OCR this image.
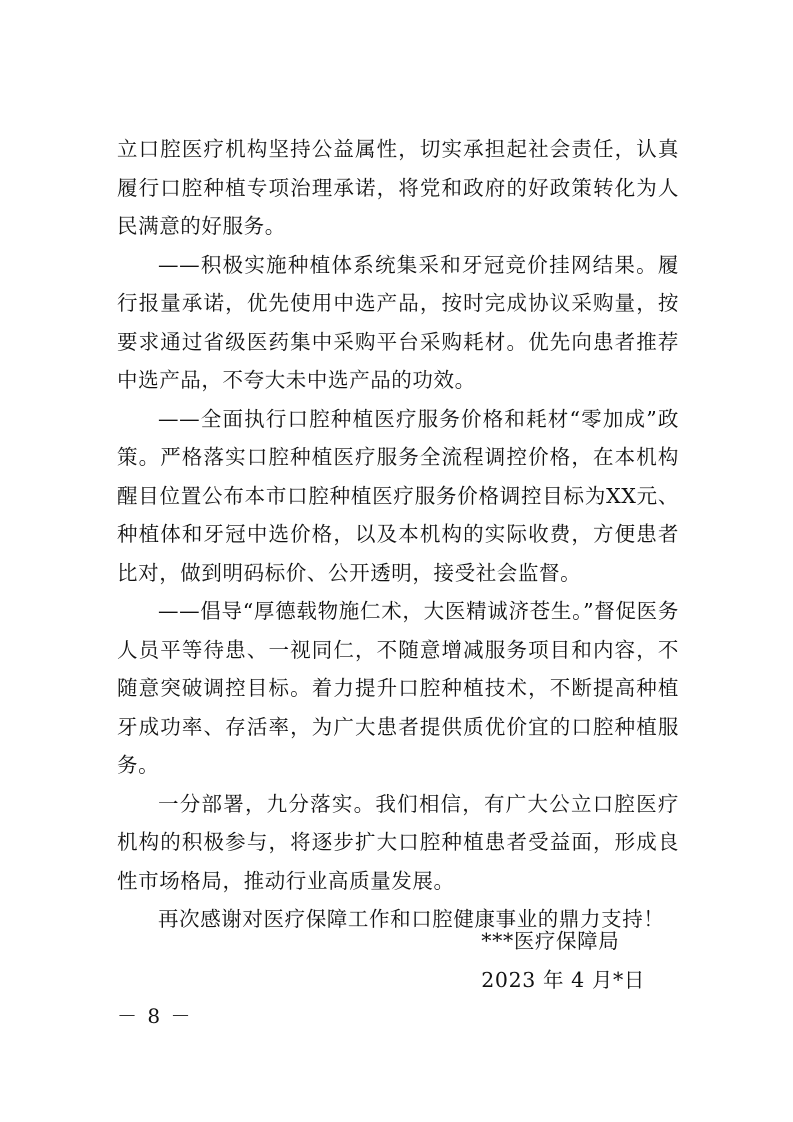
立口腔医疗机构坚持公益属性，切实承担起社会责任，认真履行口腔种植专项治理承诺，将党和政府的好政策转化为人民满意的好服务。

——积极实施种植体系统集采和牙冠竞价挂网结果。履行报量承诺，优先使用中选产品，按时完成协议采购量，按要求通过省级医药集中采购平台采购耗材。优先向患者推荐中选产品，不夸大未中选产品的功效。

——全面执行口腔种植医疗服务价格和耗材“零加成”政策。严格落实口腔种植医疗服务全流程调控价格，在本机构醒目位置公布本市口腔种植医疗服务价格调控目标为XX元、种植体和牙冠中选价格，以及本机构的实际收费，方便患者比对，做到明码标价、公开透明，接受社会监督。

——倡导“厚德载物施仁术，大医精诚济苍生。”督促医务人员平等待患、一视同仁，不随意增减服务项目和内容，不随意突破调控目标。着力提升口腔种植技术，不断提高种植牙成功率、存活率，为广大患者提供质优价宜的口腔种植服务。

一分部署，九分落实。我们相信，有广大公立口腔医疗机构的积极参与，将逐步扩大口腔种植患者受益面，形成良性市场格局，推动行业高质量发展。

再次感谢对医疗保障工作和口腔健康事业的鼎力支持！

***医疗保障局
2023 年 4 月*日
－ 8 －
